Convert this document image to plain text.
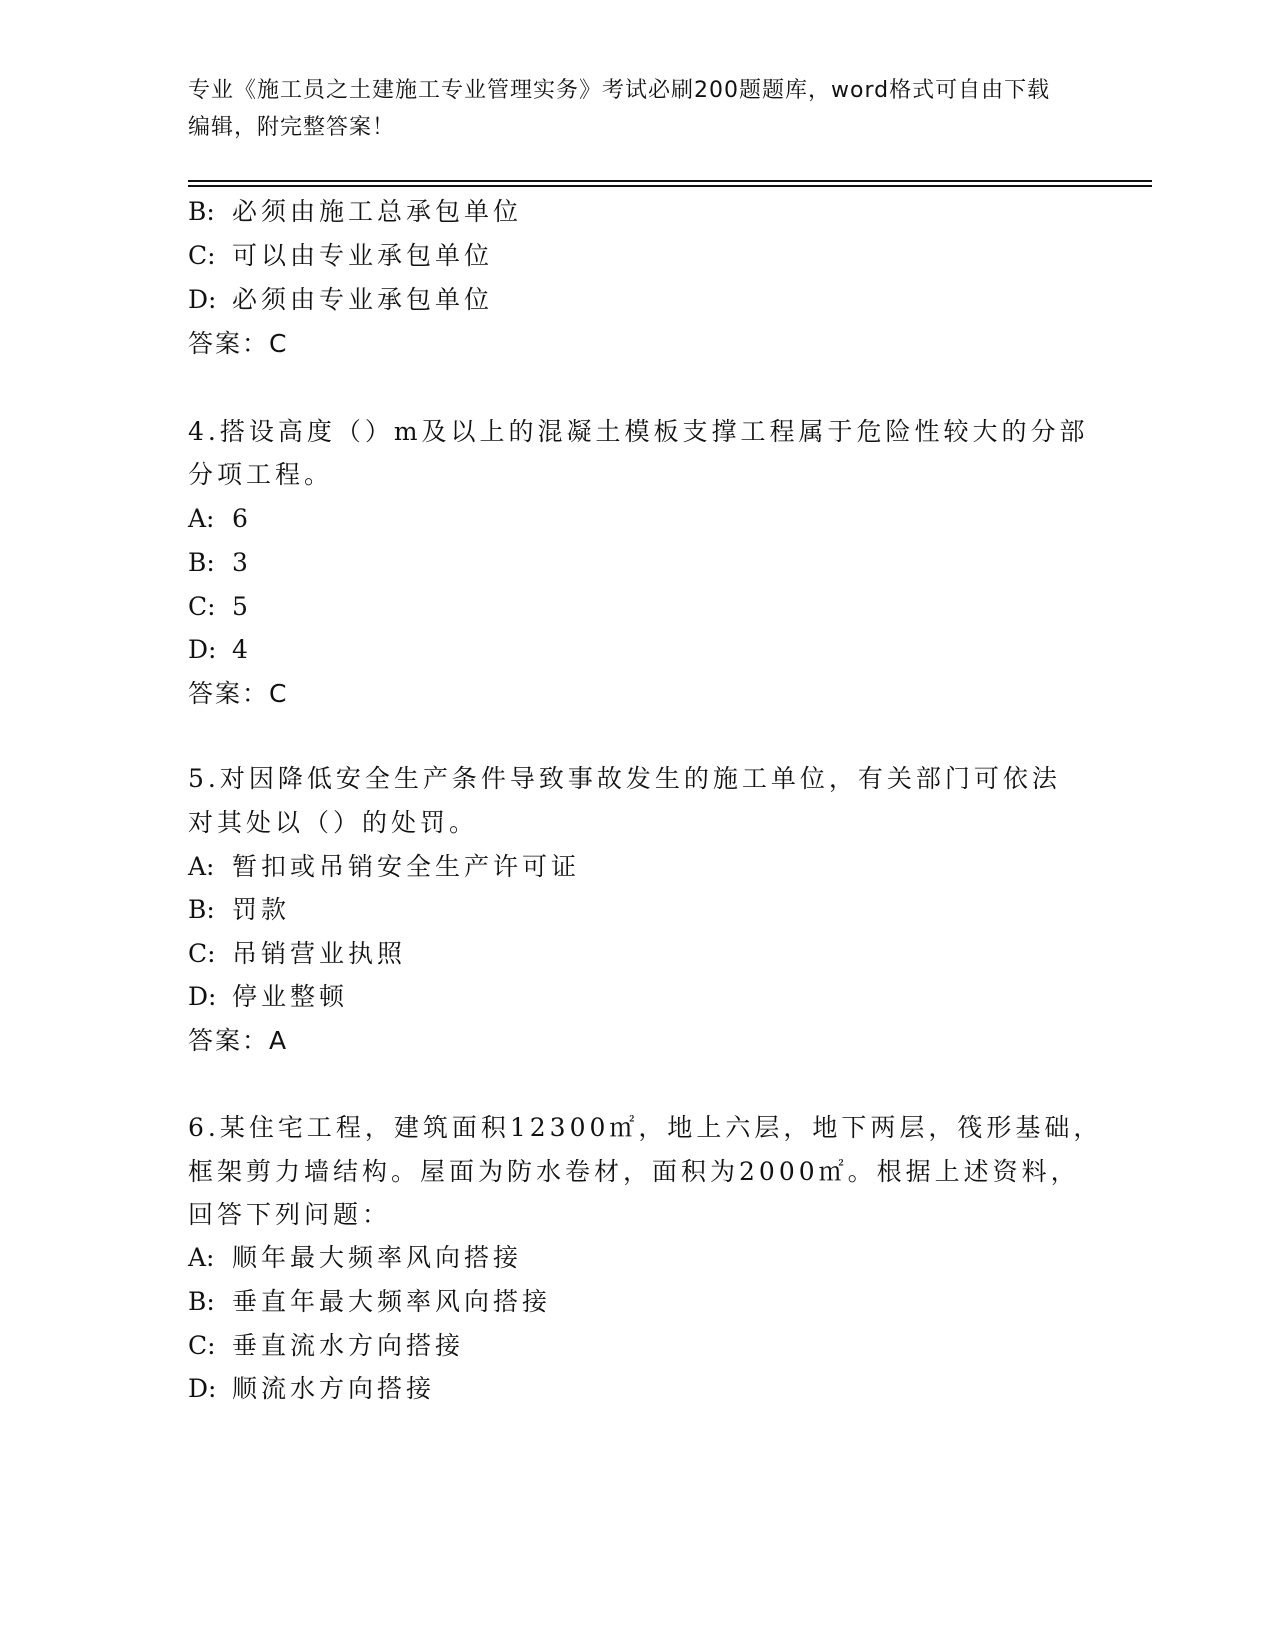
专业《施工员之土建施工专业管理实务》考试必刷200题题库，word格式可自由下载编辑，附完整答案！
B: 必须由施工总承包单位
C: 可以由专业承包单位
D: 必须由专业承包单位
答案：C
4.搭设高度（）m及以上的混凝土模板支撑工程属于危险性较大的分部
分项工程。
A: 6
B: 3
C: 5
D: 4
答案：C
5.对因降低安全生产条件导致事故发生的施工单位，有关部门可依法
对其处以（）的处罚。
A: 暂扣或吊销安全生产许可证
B: 罚款
C: 吊销营业执照
D: 停业整顿
答案：A
6.某住宅工程，建筑面积12300㎡，地上六层，地下两层，筏形基础，
框架剪力墙结构。屋面为防水卷材，面积为2000㎡。根据上述资料，
回答下列问题：
A: 顺年最大频率风向搭接
B: 垂直年最大频率风向搭接
C: 垂直流水方向搭接
D: 顺流水方向搭接
